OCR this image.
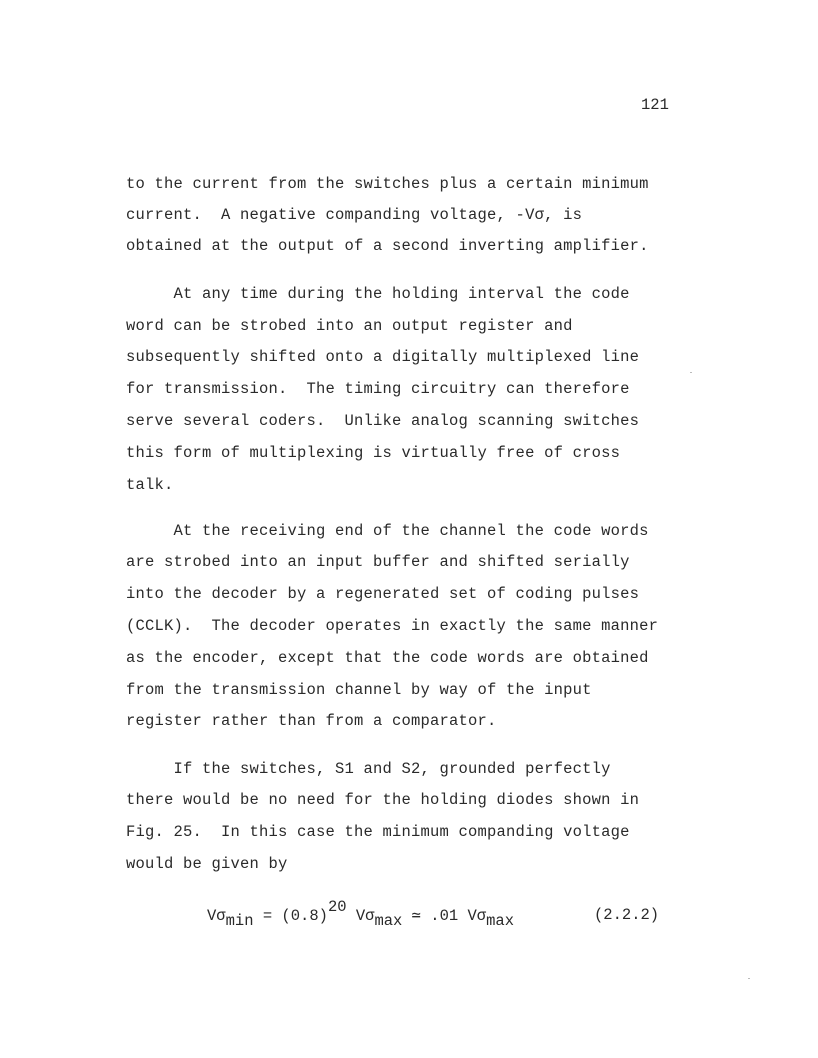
121
to the current from the switches plus a certain minimum
current.  A negative companding voltage, -Vσ, is
obtained at the output of a second inverting amplifier.
At any time during the holding interval the code
word can be strobed into an output register and
subsequently shifted onto a digitally multiplexed line
for transmission.  The timing circuitry can therefore
serve several coders.  Unlike analog scanning switches
this form of multiplexing is virtually free of cross
talk.
At the receiving end of the channel the code words
are strobed into an input buffer and shifted serially
into the decoder by a regenerated set of coding pulses
(CCLK).  The decoder operates in exactly the same manner
as the encoder, except that the code words are obtained
from the transmission channel by way of the input
register rather than from a comparator.
If the switches, S1 and S2, grounded perfectly
there would be no need for the holding diodes shown in
Fig. 25.  In this case the minimum companding voltage
would be given by
$V\sigma_{min} = (0.8)^{20}$ $V\sigma_{max}$ ≃ .01 $V\sigma_{max}$	(2.2.2)
